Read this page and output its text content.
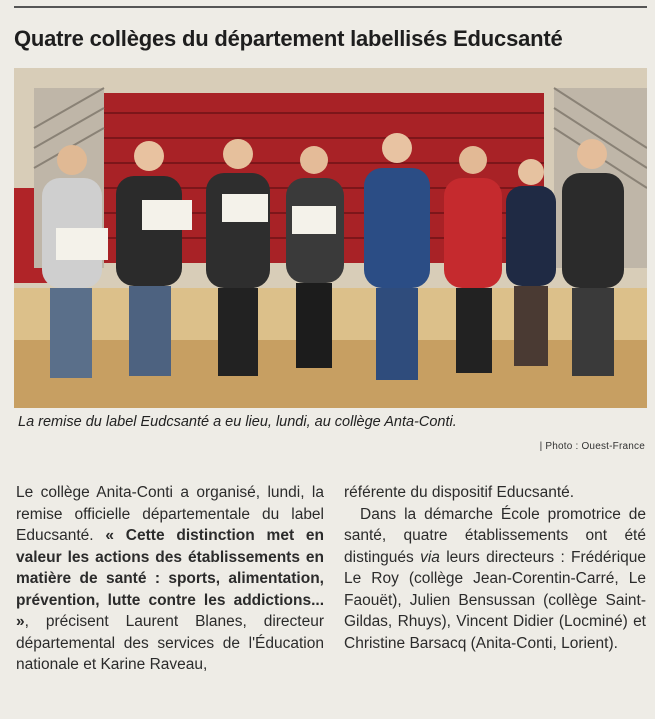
Quatre collèges du département labellisés Educsanté
La remise du label Eudcsanté a eu lieu, lundi, au collège Anta-Conti.
| Photo : Ouest-France

Le collège Anita-Conti a organisé, lundi, la remise officielle départementale du label Educsanté. « Cette distinction met en valeur les actions des établissements en matière de santé : sports, alimentation, prévention, lutte contre les addictions... », précisent Laurent Blanes, directeur départemental des services de l'Éducation nationale et Karine Raveau,

référente du dispositif Educsanté.

Dans la démarche École promotrice de santé, quatre établissements ont été distingués via leurs directeurs : Frédérique Le Roy (collège Jean-Corentin-Carré, Le Faouët), Julien Bensussan (collège Saint-Gildas, Rhuys), Vincent Didier (Locminé) et Christine Barsacq (Anita-Conti, Lorient).
